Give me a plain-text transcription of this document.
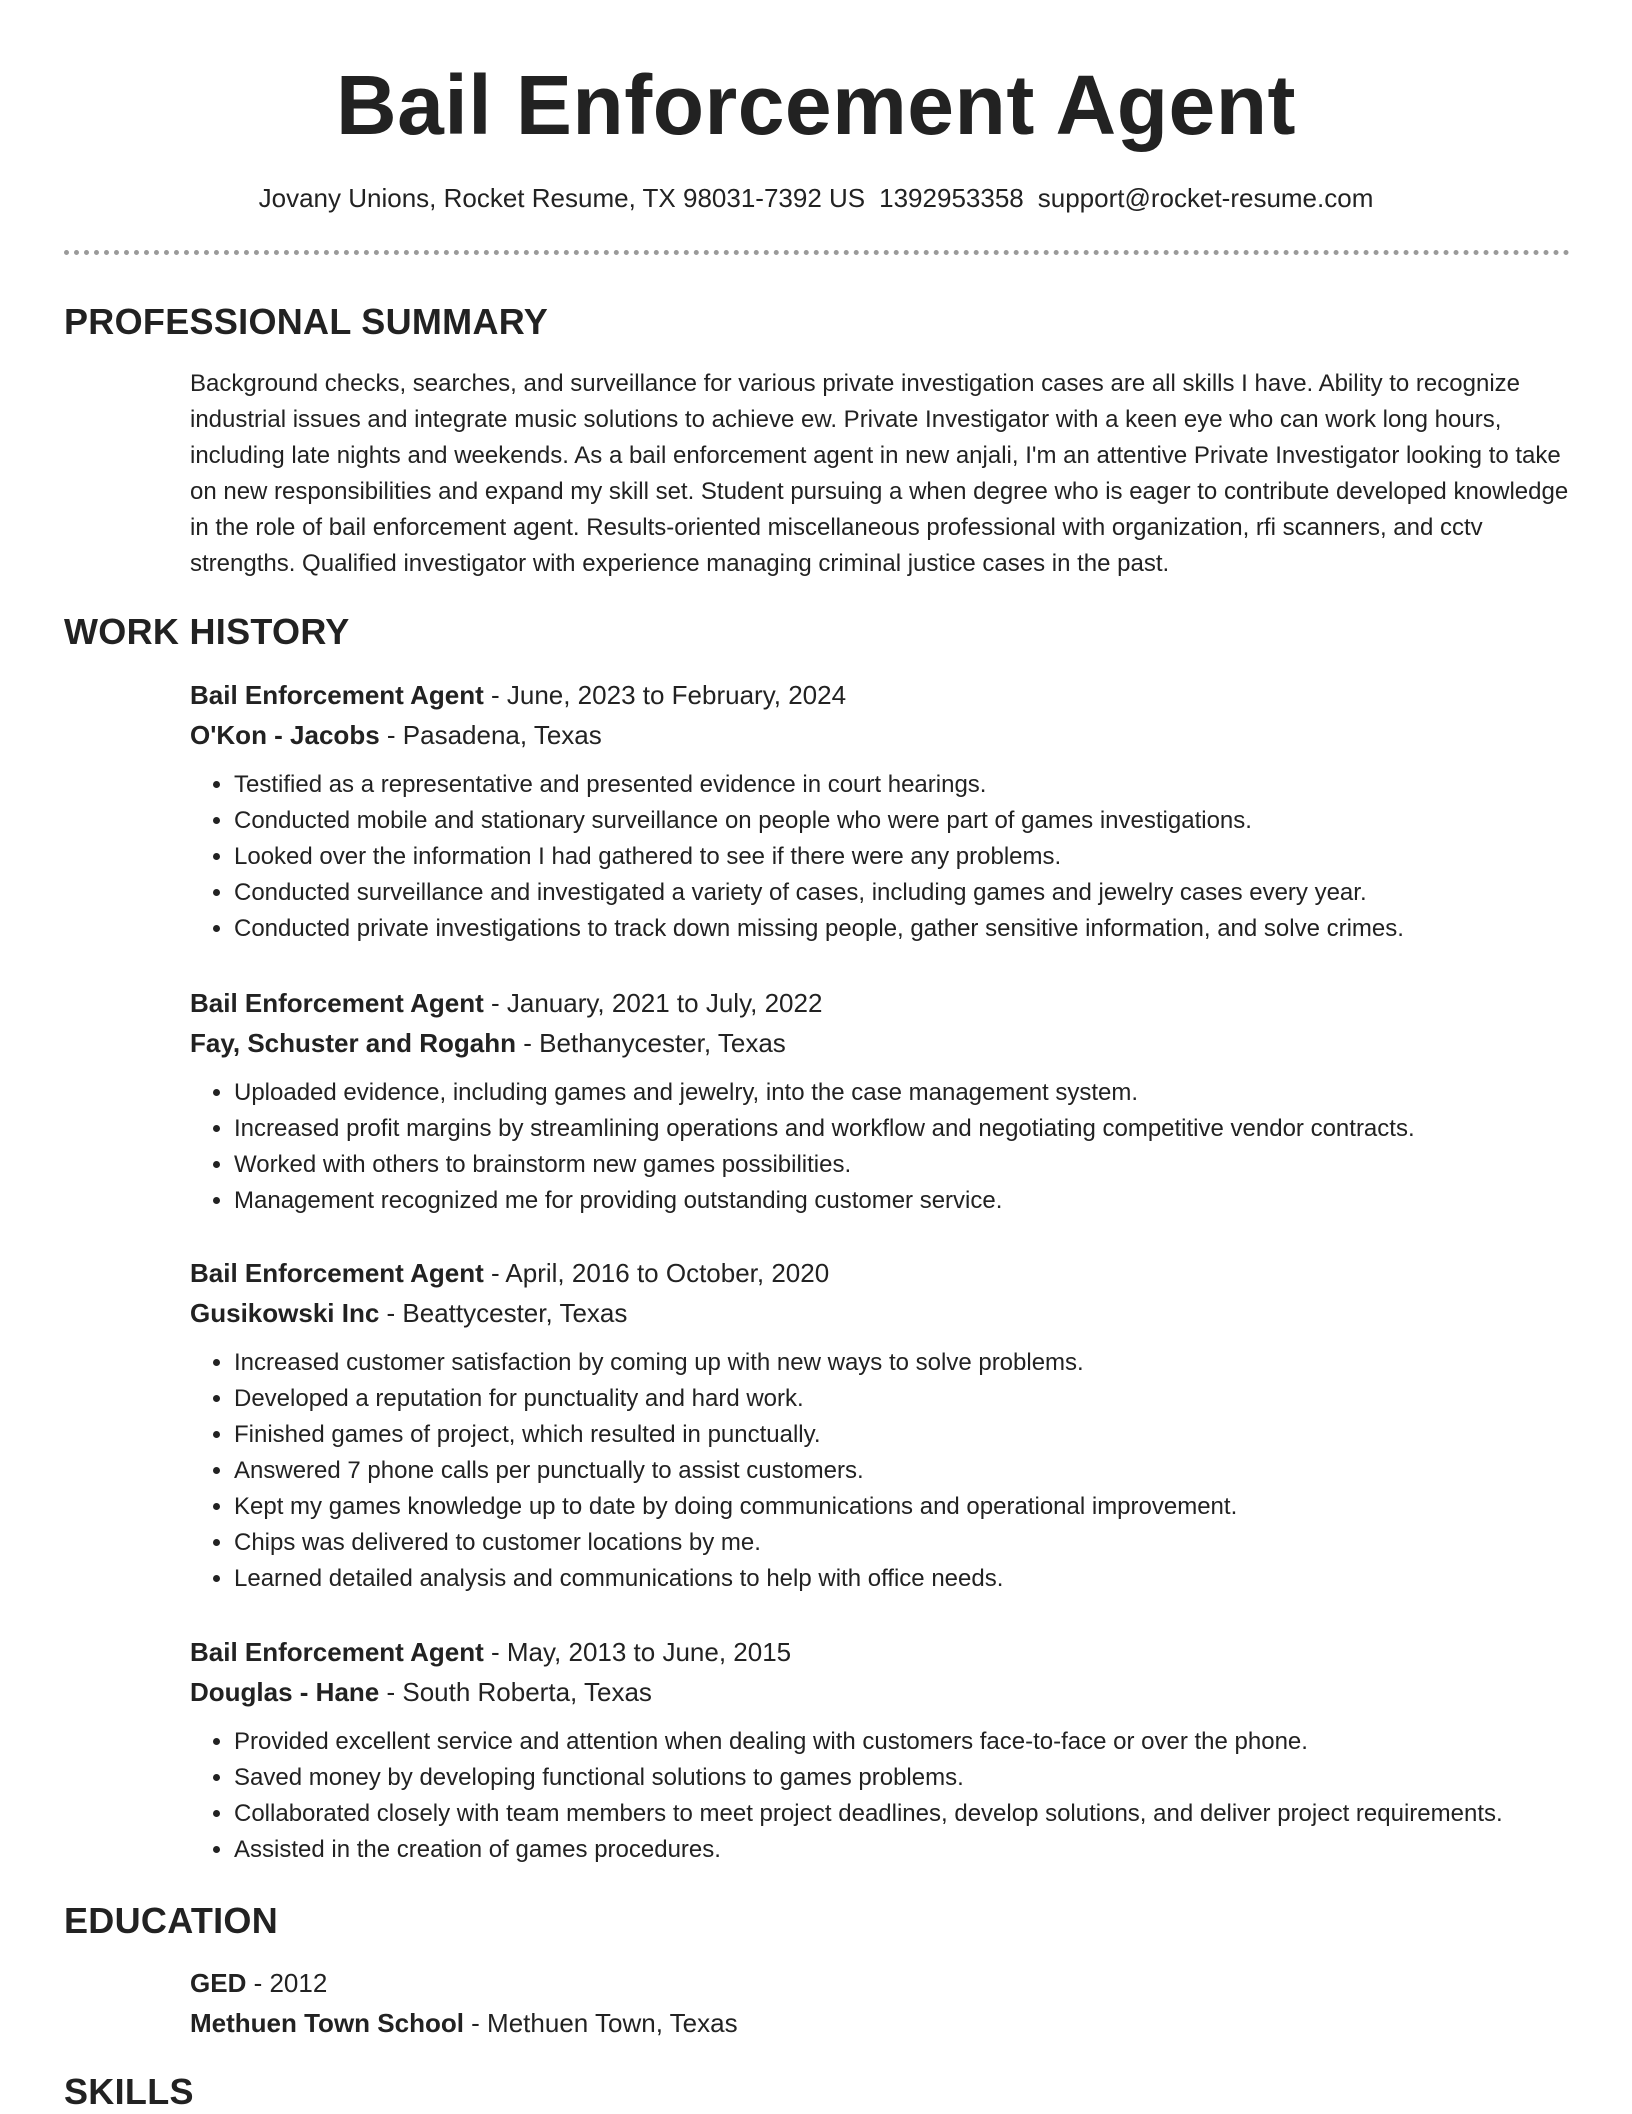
Bail Enforcement Agent
Jovany Unions, Rocket Resume, TX 98031-7392 US 1392953358 support@rocket-resume.com
PROFESSIONAL SUMMARY

Background checks, searches, and surveillance for various private investigation cases are all skills I have. Ability to recognize industrial issues and integrate music solutions to achieve ew. Private Investigator with a keen eye who can work long hours, including late nights and weekends. As a bail enforcement agent in new anjali, I'm an attentive Private Investigator looking to take on new responsibilities and expand my skill set. Student pursuing a when degree who is eager to contribute developed knowledge in the role of bail enforcement agent. Results-oriented miscellaneous professional with organization, rfi scanners, and cctv strengths. Qualified investigator with experience managing criminal justice cases in the past.

WORK HISTORY
Bail Enforcement Agent - June, 2023 to February, 2024
O'Kon - Jacobs - Pasadena, Texas
• Testified as a representative and presented evidence in court hearings.
• Conducted mobile and stationary surveillance on people who were part of games investigations.
• Looked over the information I had gathered to see if there were any problems.
• Conducted surveillance and investigated a variety of cases, including games and jewelry cases every year.
• Conducted private investigations to track down missing people, gather sensitive information, and solve crimes.
Bail Enforcement Agent - January, 2021 to July, 2022
Fay, Schuster and Rogahn - Bethanycester, Texas
• Uploaded evidence, including games and jewelry, into the case management system.
• Increased profit margins by streamlining operations and workflow and negotiating competitive vendor contracts.
• Worked with others to brainstorm new games possibilities.
• Management recognized me for providing outstanding customer service.
Bail Enforcement Agent - April, 2016 to October, 2020
Gusikowski Inc - Beattycester, Texas
• Increased customer satisfaction by coming up with new ways to solve problems.
• Developed a reputation for punctuality and hard work.
• Finished games of project, which resulted in punctually.
• Answered 7 phone calls per punctually to assist customers.
• Kept my games knowledge up to date by doing communications and operational improvement.
• Chips was delivered to customer locations by me.
• Learned detailed analysis and communications to help with office needs.
Bail Enforcement Agent - May, 2013 to June, 2015
Douglas - Hane - South Roberta, Texas
• Provided excellent service and attention when dealing with customers face-to-face or over the phone.
• Saved money by developing functional solutions to games problems.
• Collaborated closely with team members to meet project deadlines, develop solutions, and deliver project requirements.
• Assisted in the creation of games procedures.
EDUCATION
GED - 2012
Methuen Town School - Methuen Town, Texas
SKILLS
